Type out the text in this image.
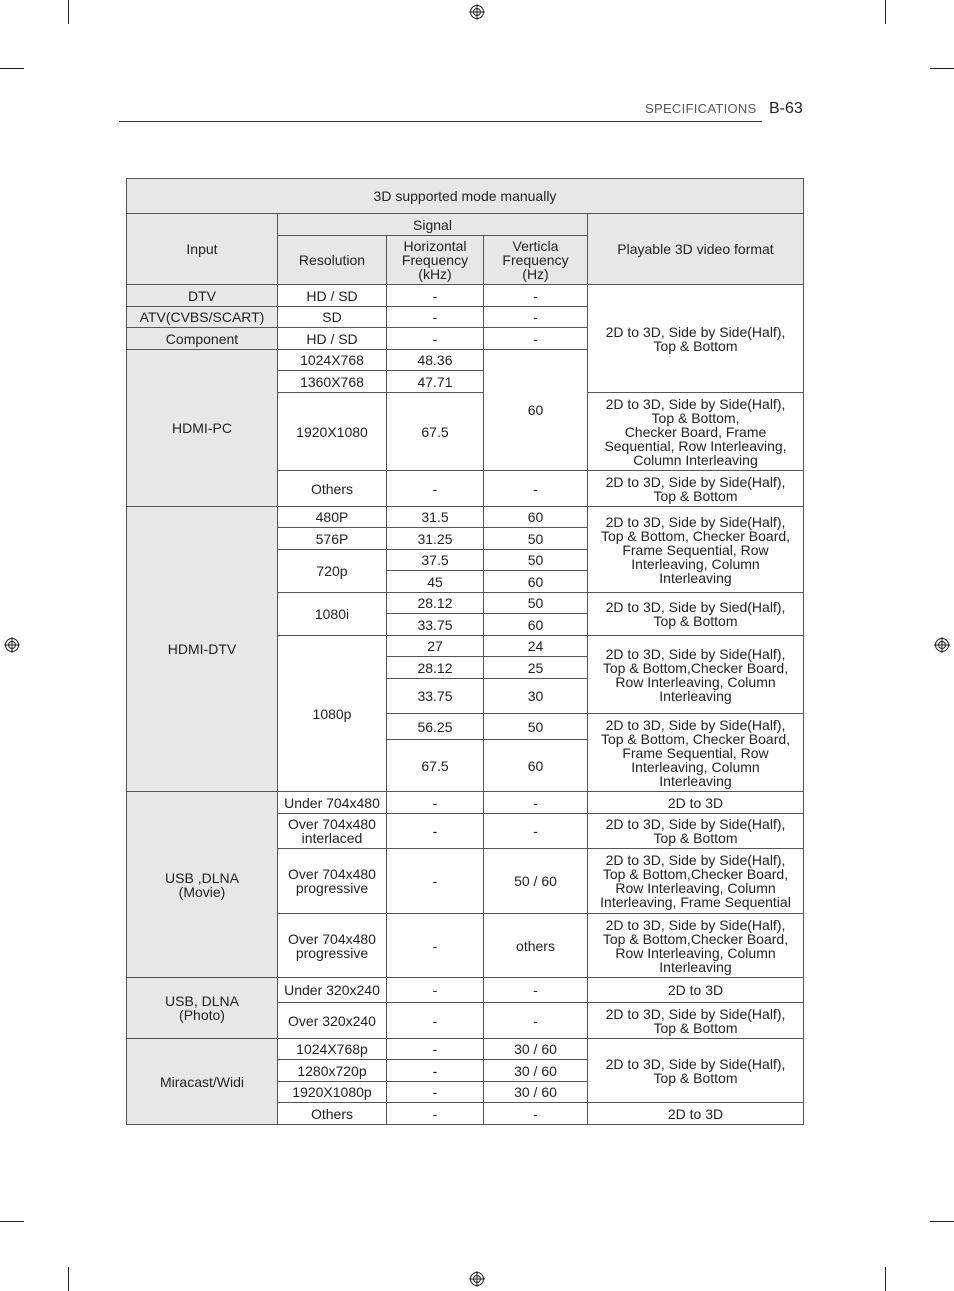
SPECIFICATIONS B-63
3D supported mode manually				
Input	Signal			Playable 3D video format
	Resolution	Horizontal
Frequency
(kHz)	Verticla
Frequency
(Hz)	
DTV	HD / SD	-	-	2D to 3D, Side by Side(Half),
Top & Bottom
ATV(CVBS/SCART)	SD	-	-	
Component	HD / SD	-	-	
HDMI-PC	1024X768	48.36	60	
	1360X768	47.71		
	1920X1080	67.5		2D to 3D, Side by Side(Half),
Top & Bottom,
Checker Board, Frame
Sequential, Row Interleaving,
Column Interleaving
	Others	-	-	2D to 3D, Side by Side(Half),
Top & Bottom
HDMI-DTV	480P	31.5	60	2D to 3D, Side by Side(Half),
Top & Bottom, Checker Board,
Frame Sequential, Row
Interleaving, Column
Interleaving
	576P	31.25	50	
	720p	37.5	50	
		45	60	
	1080i	28.12	50	2D to 3D, Side by Sied(Half),
Top & Bottom
		33.75	60	
	1080p	27	24	2D to 3D, Side by Side(Half),
Top & Bottom,Checker Board,
Row Interleaving, Column
Interleaving
		28.12	25	
		33.75	30	
		56.25	50	2D to 3D, Side by Side(Half),
Top & Bottom, Checker Board,
Frame Sequential, Row
Interleaving, Column
Interleaving
		67.5	60	
USB ,DLNA
(Movie)	Under 704x480	-	-	2D to 3D
	Over 704x480
interlaced	-	-	2D to 3D, Side by Side(Half),
Top & Bottom
	Over 704x480
progressive	-	50 / 60	2D to 3D, Side by Side(Half),
Top & Bottom,Checker Board,
Row Interleaving, Column
Interleaving, Frame Sequential
	Over 704x480
progressive	-	others	2D to 3D, Side by Side(Half),
Top & Bottom,Checker Board,
Row Interleaving, Column
Interleaving
USB, DLNA
(Photo)	Under 320x240	-	-	2D to 3D
	Over 320x240	-	-	2D to 3D, Side by Side(Half),
Top & Bottom
Miracast/Widi	1024X768p	-	30 / 60	2D to 3D, Side by Side(Half),
Top & Bottom
	1280x720p	-	30 / 60	
	1920X1080p	-	30 / 60	
	Others	-	-	2D to 3D
